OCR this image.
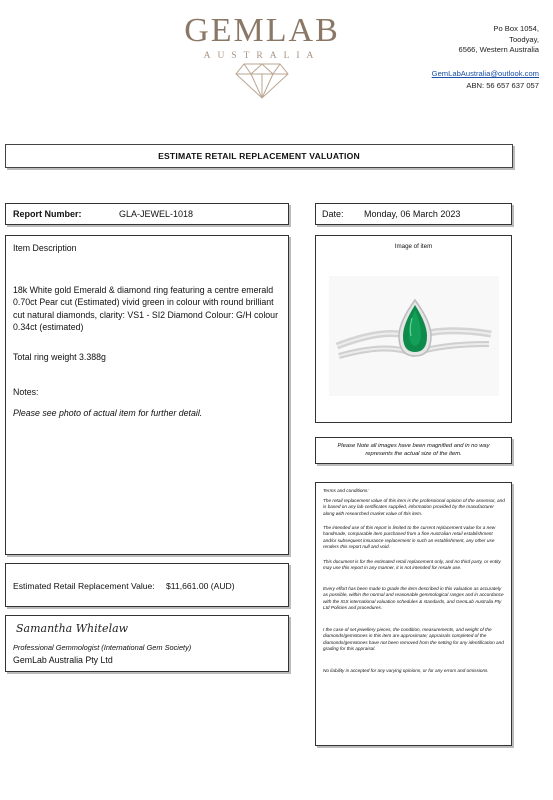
GEMLAB
AUSTRALIA
Po Box 1054,
Toodyay,
6566, Western Australia
GemLabAustralia@outlook.com
ABN: 56 657 637 057
ESTIMATE RETAIL REPLACEMENT VALUATION
Report Number:	GLA-JEWEL-1018	Date: Monday, 06 March 2023
Item Description
18k White gold Emerald & diamond ring featuring a centre emerald 0.70ct Pear cut (Estimated) vivid green in colour with round brilliant cut natural diamonds, clarity: VS1 - SI2 Diamond Colour: G/H colour 0.34ct (estimated)
Total ring weight 3.388g
Notes:
Please see photo of actual item for further detail.
Image of item
Please Note all images have been magnified and in no way represents the actual size of the item.
Estimated Retail Replacement Value: $11,661.00 (AUD)
Samantha Whitelaw
Professional Gemmologist (International Gem Society)
GemLab Australia Pty Ltd
Terms and conditions:
The retail replacement value of this item is the professional opinion of the assessor, and is based on any lab certificates supplied, information provided by the manufacturer along with researched market value of this item.
The intended use of this report is limited to the current replacement value for a new handmade, comparable item purchased from a fine Australian retail establishment and/or subsequent insurance replacement in such an establishment, any other use renders this report null and void.
This document is for the estimated retail replacement only, and no third party, or entity may use this report in any manner, it is not intended for resale use.
Every effort has been made to grade the item described in this valuation as accurately as possible, within the normal and reasonable gemmological ranges and in accordance with the IGS international valuation schedules & standards, and GemLab Australia Pty Ltd Policies and procedures.
I the case of set jewellery pieces, the condition, measurements, and weight of the diamonds/gemstones in this item are approximate; appraisals completed of the diamonds/gemstones have not been removed from the setting for any identification and grading for this appraisal.
No liability is accepted for any varying opinions, or for any errors and omissions.
